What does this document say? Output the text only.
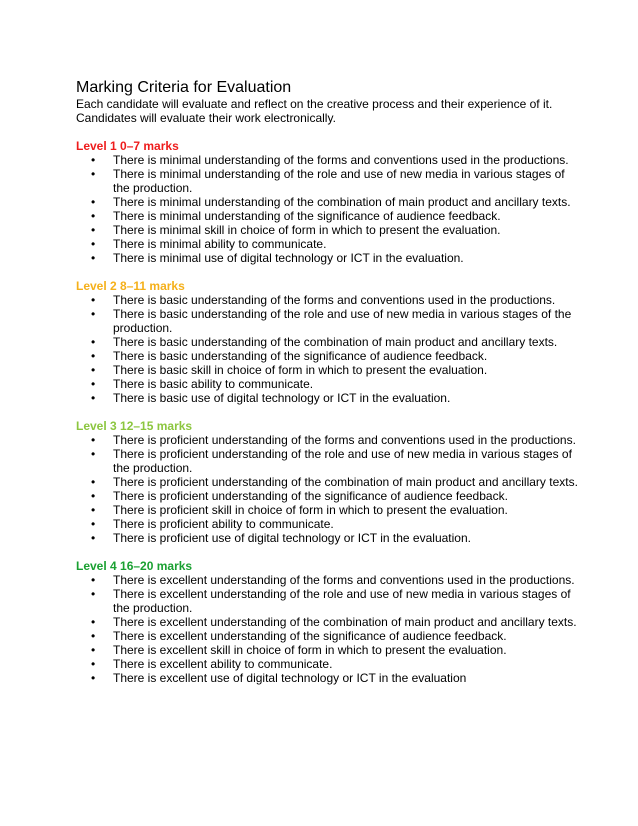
Marking Criteria for Evaluation

Each candidate will evaluate and reflect on the creative process and their experience of it.

Candidates will evaluate their work electronically.

Level 1 0–7 marks

• There is minimal understanding of the forms and conventions used in the productions.
• There is minimal understanding of the role and use of new media in various stages of the production.
• There is minimal understanding of the combination of main product and ancillary texts.
• There is minimal understanding of the significance of audience feedback.
• There is minimal skill in choice of form in which to present the evaluation.
• There is minimal ability to communicate.
• There is minimal use of digital technology or ICT in the evaluation.

Level 2 8–11 marks

• There is basic understanding of the forms and conventions used in the productions.
• There is basic understanding of the role and use of new media in various stages of the production.
• There is basic understanding of the combination of main product and ancillary texts.
• There is basic understanding of the significance of audience feedback.
• There is basic skill in choice of form in which to present the evaluation.
• There is basic ability to communicate.
• There is basic use of digital technology or ICT in the evaluation.

Level 3 12–15 marks

• There is proficient understanding of the forms and conventions used in the productions.
• There is proficient understanding of the role and use of new media in various stages of the production.
• There is proficient understanding of the combination of main product and ancillary texts.
• There is proficient understanding of the significance of audience feedback.
• There is proficient skill in choice of form in which to present the evaluation.
• There is proficient ability to communicate.
• There is proficient use of digital technology or ICT in the evaluation.

Level 4 16–20 marks

• There is excellent understanding of the forms and conventions used in the productions.
• There is excellent understanding of the role and use of new media in various stages of the production.
• There is excellent understanding of the combination of main product and ancillary texts.
• There is excellent understanding of the significance of audience feedback.
• There is excellent skill in choice of form in which to present the evaluation.
• There is excellent ability to communicate.
• There is excellent use of digital technology or ICT in the evaluation
